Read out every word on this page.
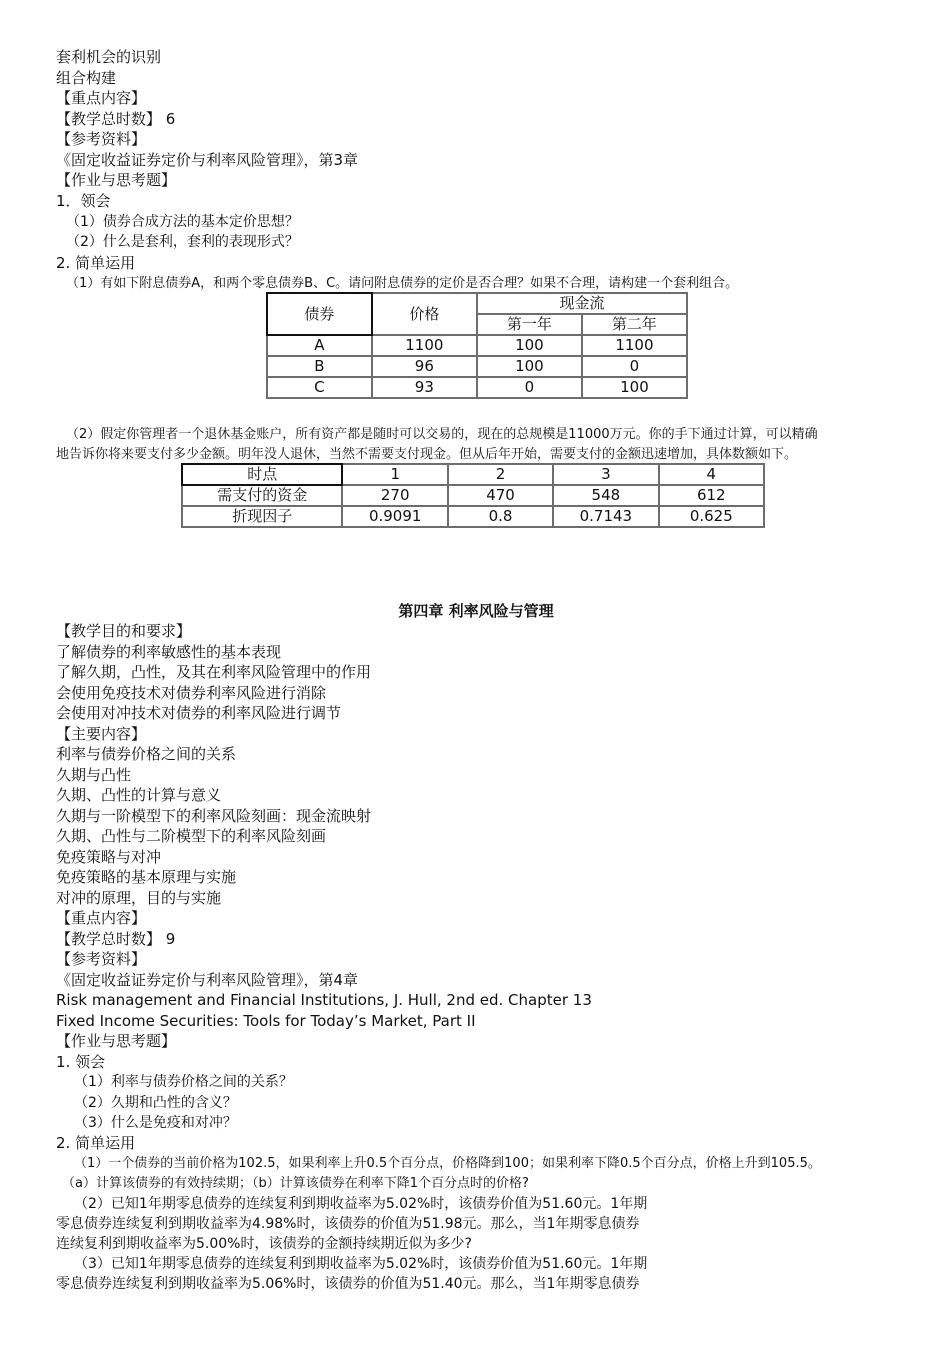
套利机会的识别
组合构建
【重点内容】
【教学总时数】 6
【参考资料】
《固定收益证券定价与利率风险管理》，第3章
【作业与思考题】
1．领会
（1）债券合成方法的基本定价思想？
（2）什么是套利，套利的表现形式？
2. 简单运用
（1）有如下附息债券A，和两个零息债券B、C。请问附息债券的定价是否合理？如果不合理，请构建一个套利组合。
债券	价格	现金流	
		第一年	第二年
A	1100	100	1100
B	96	100	0
C	93	0	100
（2）假定你管理者一个退休基金账户，所有资产都是随时可以交易的，现在的总规模是11000万元。你的手下通过计算，可以精确
地告诉你将来要支付多少金额。明年没人退休，当然不需要支付现金。但从后年开始，需要支付的金额迅速增加，具体数额如下。
时点	1	2	3	4
需支付的资金	270	470	548	612
折现因子	0.9091	0.8	0.7143	0.625
第四章 利率风险与管理
【教学目的和要求】
了解债券的利率敏感性的基本表现
了解久期，凸性，及其在利率风险管理中的作用
会使用免疫技术对债券利率风险进行消除
会使用对冲技术对债券的利率风险进行调节
【主要内容】
利率与债券价格之间的关系
久期与凸性
久期、凸性的计算与意义
久期与一阶模型下的利率风险刻画：现金流映射
久期、凸性与二阶模型下的利率风险刻画
免疫策略与对冲
免疫策略的基本原理与实施
对冲的原理，目的与实施
【重点内容】
【教学总时数】 9
【参考资料】
《固定收益证券定价与利率风险管理》，第4章
Risk management and Financial Institutions, J. Hull, 2nd ed. Chapter 13
Fixed Income Securities: Tools for Today’s Market, Part II
【作业与思考题】
1. 领会
（1）利率与债券价格之间的关系？
（2）久期和凸性的含义？
（3）什么是免疫和对冲？
2. 简单运用
（1）一个债券的当前价格为102.5，如果利率上升0.5个百分点，价格降到100；如果利率下降0.5个百分点，价格上升到105.5。
（a）计算该债券的有效持续期；（b）计算该债券在利率下降1个百分点时的价格?
（2）已知1年期零息债券的连续复利到期收益率为5.02%时，该债券价值为51.60元。1年期
零息债券连续复利到期收益率为4.98%时，该债券的价值为51.98元。那么，当1年期零息债券
连续复利到期收益率为5.00%时，该债券的金额持续期近似为多少?
（3）已知1年期零息债券的连续复利到期收益率为5.02%时，该债券价值为51.60元。1年期
零息债券连续复利到期收益率为5.06%时，该债券的价值为51.40元。那么，当1年期零息债券
